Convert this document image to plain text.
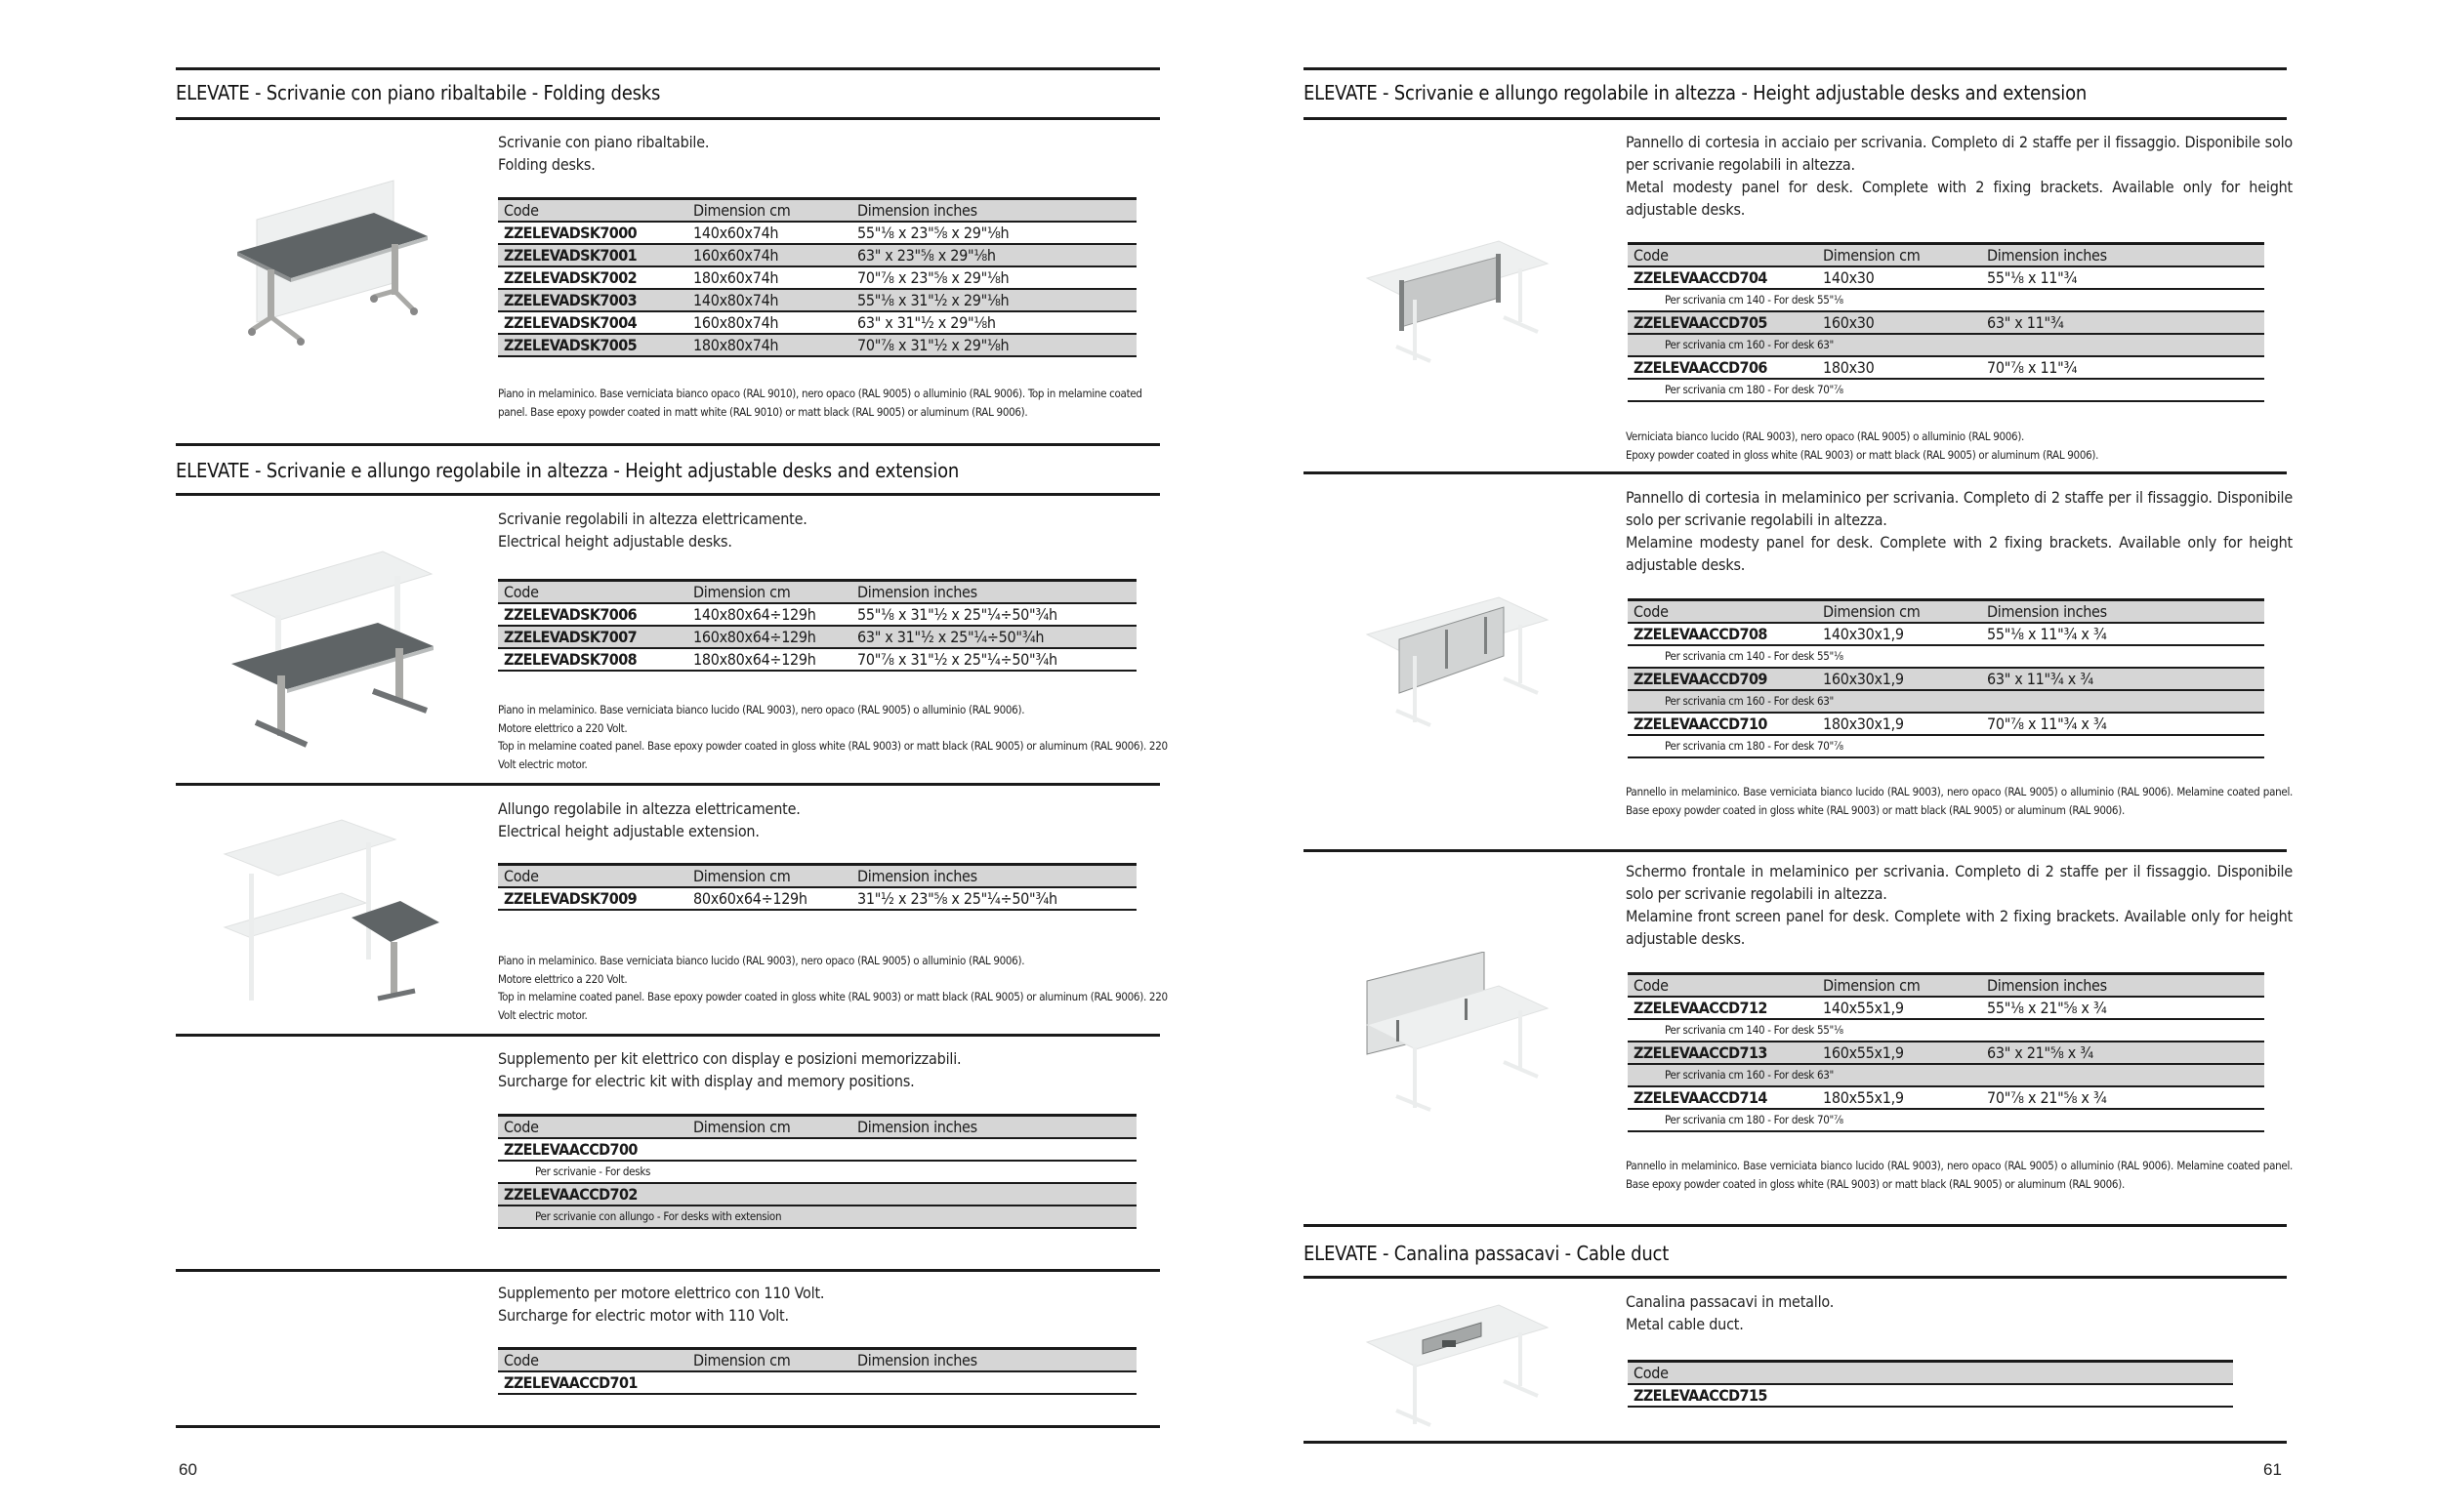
ELEVATE - Scrivanie con piano ribaltabile - Folding desks
Scrivanie con piano ribaltabile.
Folding desks.
Code	Dimension cm	Dimension inches
ZZELEVADSK7000	140x60x74h	55"⅛ x 23"⅝ x 29"⅛h
ZZELEVADSK7001	160x60x74h	63" x 23"⅝ x 29"⅛h
ZZELEVADSK7002	180x60x74h	70"⅞ x 23"⅝ x 29"⅛h
ZZELEVADSK7003	140x80x74h	55"⅛ x 31"½ x 29"⅛h
ZZELEVADSK7004	160x80x74h	63" x 31"½ x 29"⅛h
ZZELEVADSK7005	180x80x74h	70"⅞ x 31"½ x 29"⅛h
Piano in melaminico. Base verniciata bianco opaco (RAL 9010), nero opaco (RAL 9005) o alluminio (RAL 9006). Top in melamine coated panel. Base epoxy powder coated in matt white (RAL 9010) or matt black (RAL 9005) or aluminum (RAL 9006).
ELEVATE - Scrivanie e allungo regolabile in altezza - Height adjustable desks and extension
Scrivanie regolabili in altezza elettricamente.
Electrical height adjustable desks.
Code	Dimension cm	Dimension inches
ZZELEVADSK7006	140x80x64÷129h	55"⅛ x 31"½ x 25"¼÷50"¾h
ZZELEVADSK7007	160x80x64÷129h	63" x 31"½ x 25"¼÷50"¾h
ZZELEVADSK7008	180x80x64÷129h	70"⅞ x 31"½ x 25"¼÷50"¾h
Piano in melaminico. Base verniciata bianco lucido (RAL 9003), nero opaco (RAL 9005) o alluminio (RAL 9006).
Motore elettrico a 220 Volt.
Top in melamine coated panel. Base epoxy powder coated in gloss white (RAL 9003) or matt black (RAL 9005) or aluminum (RAL 9006). 220 Volt electric motor.
Allungo regolabile in altezza elettricamente.
Electrical height adjustable extension.
Code	Dimension cm	Dimension inches
ZZELEVADSK7009	80x60x64÷129h	31"½ x 23"⅝ x 25"¼÷50"¾h
Piano in melaminico. Base verniciata bianco lucido (RAL 9003), nero opaco (RAL 9005) o alluminio (RAL 9006).
Motore elettrico a 220 Volt.
Top in melamine coated panel. Base epoxy powder coated in gloss white (RAL 9003) or matt black (RAL 9005) or aluminum (RAL 9006). 220 Volt electric motor.
Supplemento per kit elettrico con display e posizioni memorizzabili.
Surcharge for electric kit with display and memory positions.
Code	Dimension cm	Dimension inches
ZZELEVAACCD700
Per scrivanie - For desks
ZZELEVAACCD702
Per scrivanie con allungo - For desks with extension
Supplemento per motore elettrico con 110 Volt.
Surcharge for electric motor with 110 Volt.
Code	Dimension cm	Dimension inches
ZZELEVAACCD701
60
ELEVATE - Scrivanie e allungo regolabile in altezza - Height adjustable desks and extension
Pannello di cortesia in acciaio per scrivania. Completo di 2 staffe per il fissaggio. Disponibile solo per scrivanie regolabili in altezza.
Metal modesty panel for desk. Complete with 2 fixing brackets. Available only for height adjustable desks.
Code	Dimension cm	Dimension inches
ZZELEVAACCD704	140x30	55"⅛ x 11"¾
Per scrivania cm 140 - For desk 55"⅛		
ZZELEVAACCD705	160x30	63" x 11"¾
Per scrivania cm 160 - For desk 63"		
ZZELEVAACCD706	180x30	70"⅞ x 11"¾
Per scrivania cm 180 - For desk 70"⅞		
Verniciata bianco lucido (RAL 9003), nero opaco (RAL 9005) o alluminio (RAL 9006).
Epoxy powder coated in gloss white (RAL 9003) or matt black (RAL 9005) or aluminum (RAL 9006).
Pannello di cortesia in melaminico per scrivania. Completo di 2 staffe per il fissaggio. Disponibile solo per scrivanie regolabili in altezza.
Melamine modesty panel for desk. Complete with 2 fixing brackets. Available only for height adjustable desks.
Code	Dimension cm	Dimension inches
ZZELEVAACCD708	140x30x1,9	55"⅛ x 11"¾ x ¾
Per scrivania cm 140 - For desk 55"⅛		
ZZELEVAACCD709	160x30x1,9	63" x 11"¾ x ¾
Per scrivania cm 160 - For desk 63"		
ZZELEVAACCD710	180x30x1,9	70"⅞ x 11"¾ x ¾
Per scrivania cm 180 - For desk 70"⅞		
Pannello in melaminico. Base verniciata bianco lucido (RAL 9003), nero opaco (RAL 9005) o alluminio (RAL 9006). Melamine coated panel. Base epoxy powder coated in gloss white (RAL 9003) or matt black (RAL 9005) or aluminum (RAL 9006).
Schermo frontale in melaminico per scrivania. Completo di 2 staffe per il fissaggio. Disponibile solo per scrivanie regolabili in altezza.
Melamine front screen panel for desk. Complete with 2 fixing brackets. Available only for height adjustable desks.
Code	Dimension cm	Dimension inches
ZZELEVAACCD712	140x55x1,9	55"⅛ x 21"⅝ x ¾
Per scrivania cm 140 - For desk 55"⅛		
ZZELEVAACCD713	160x55x1,9	63" x 21"⅝ x ¾
Per scrivania cm 160 - For desk 63"		
ZZELEVAACCD714	180x55x1,9	70"⅞ x 21"⅝ x ¾
Per scrivania cm 180 - For desk 70"⅞		
Pannello in melaminico. Base verniciata bianco lucido (RAL 9003), nero opaco (RAL 9005) o alluminio (RAL 9006). Melamine coated panel. Base epoxy powder coated in gloss white (RAL 9003) or matt black (RAL 9005) or aluminum (RAL 9006).
ELEVATE - Canalina passacavi - Cable duct
Canalina passacavi in metallo.
Metal cable duct.
Code
ZZELEVAACCD715
61
